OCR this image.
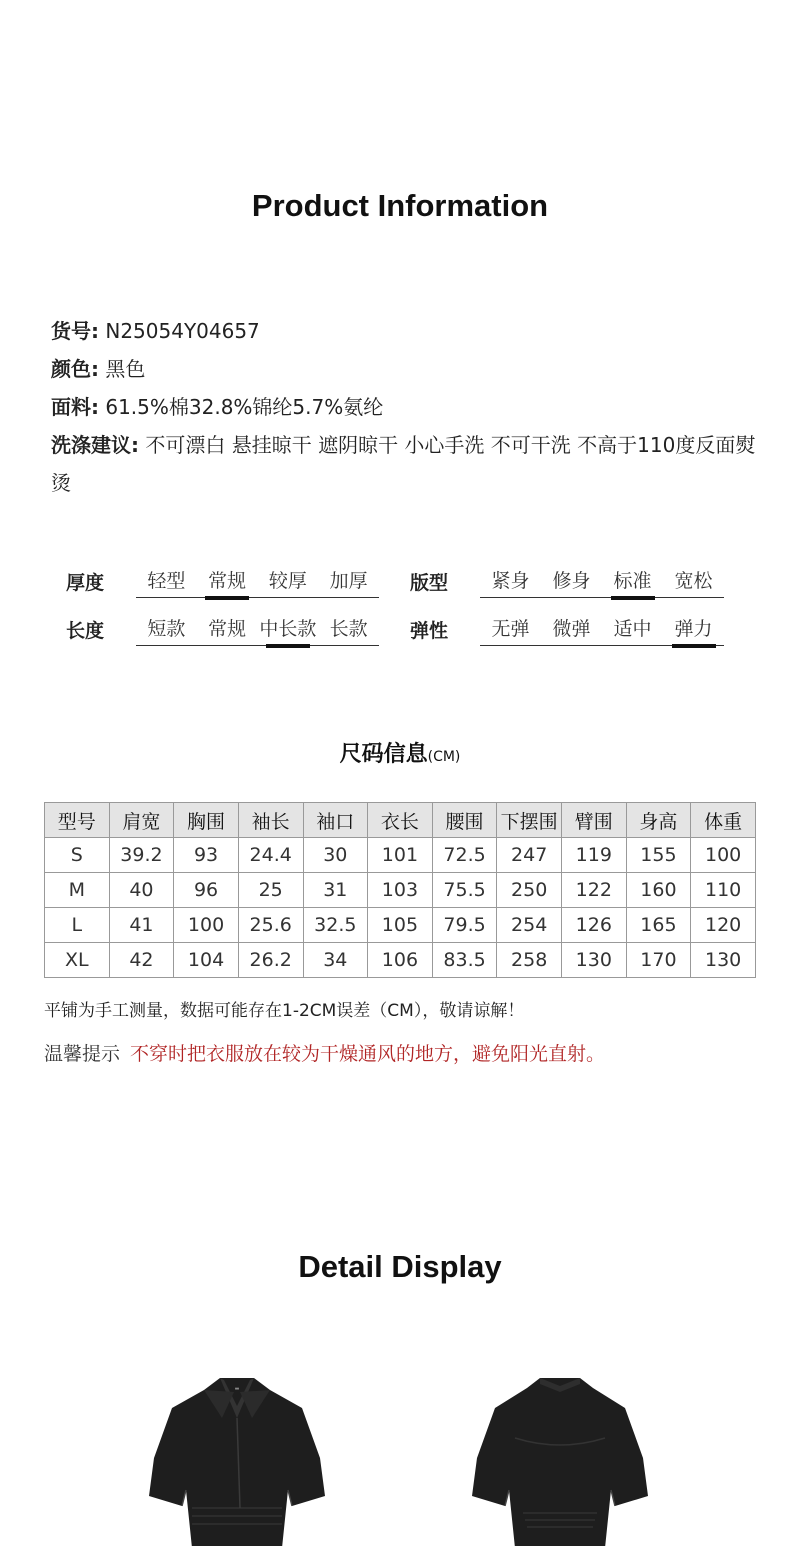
Product Information
货号: N25054Y04657
颜色: 黑色
面料: 61.5%棉32.8%锦纶5.7%氨纶
洗涤建议: 不可漂白 悬挂晾干 遮阴晾干 小心手洗 不可干洗 不高于110度反面熨烫
厚度	轻型	常规	较厚	加厚	版型	紧身	修身	标准	宽松
长度	短款	常规 中长款 长款	弹性	无弹	微弹	适中	弹力
尺码信息(CM)
型号	肩宽	胸围	袖长	袖口	衣长	腰围	下摆围	臂围	身高	体重
S	39.2	93	24.4	30	101	72.5	247	119	155	100
M	40	96	25	31	103	75.5	250	122	160	110
L	41	100	25.6	32.5	105	79.5	254	126	165	120
XL	42	104	26.2	34	106	83.5	258	130	170	130
平铺为手工测量，数据可能存在1-2CM误差（CM），敬请谅解！
温馨提示 不穿时把衣服放在较为干燥通风的地方，避免阳光直射。
Detail Display
▬
